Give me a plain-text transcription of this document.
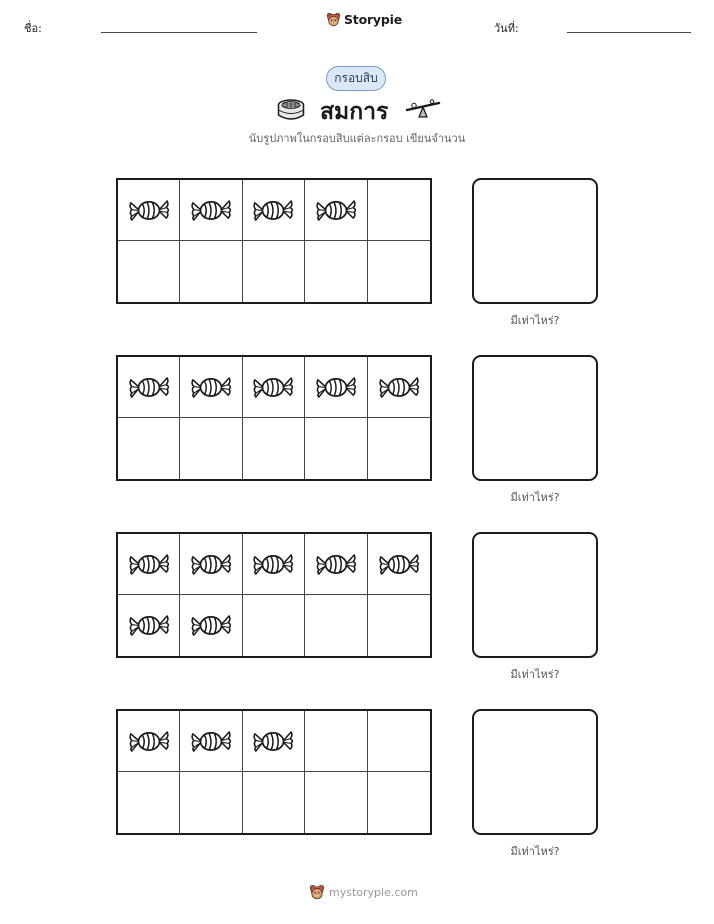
ชื่อ:
Storypie
วันที่:
กรอบสิบ
สมการ
นับรูปภาพในกรอบสิบแต่ละกรอบ เขียนจำนวน
มีเท่าไหร่?
มีเท่าไหร่?
มีเท่าไหร่?
มีเท่าไหร่?
mystorypie.com
